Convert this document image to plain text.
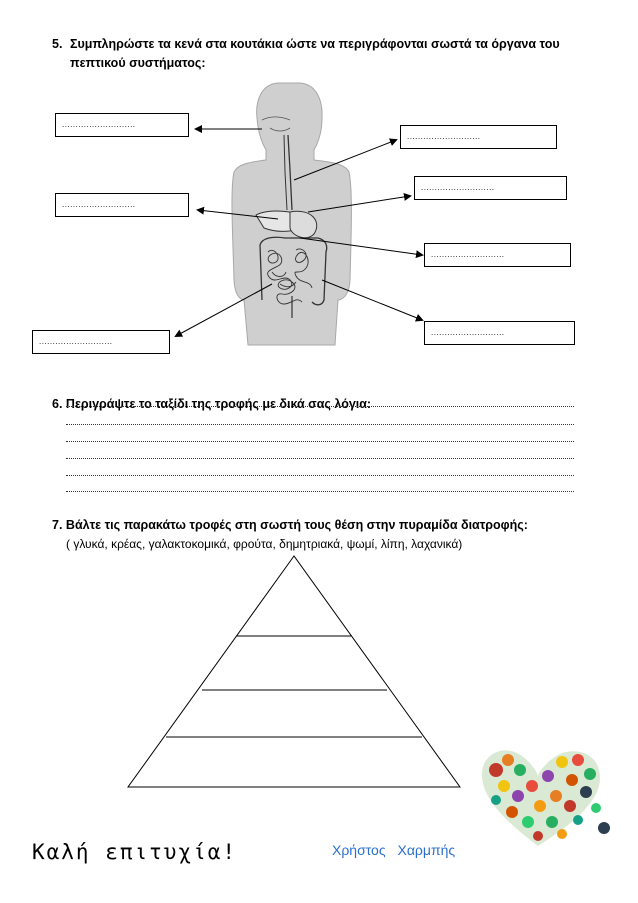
5. Συμπληρώστε τα κενά στα κουτάκια ώστε να περιγράφονται σωστά τα όργανα του
πεπτικού συστήματος:
...........................
...........................
...........................
...........................
...........................
...........................
...........................
6. Περιγράψτε το ταξίδι της τροφής με δικά σας λόγια:
7. Βάλτε τις παρακάτω τροφές στη σωστή τους θέση στην πυραμίδα διατροφής:
( γλυκά, κρέας, γαλακτοκομικά, φρούτα, δημητριακά, ψωμί, λίπη, λαχανικά)
Καλή επιτυχία!	Χρήστος Χαρμπής
